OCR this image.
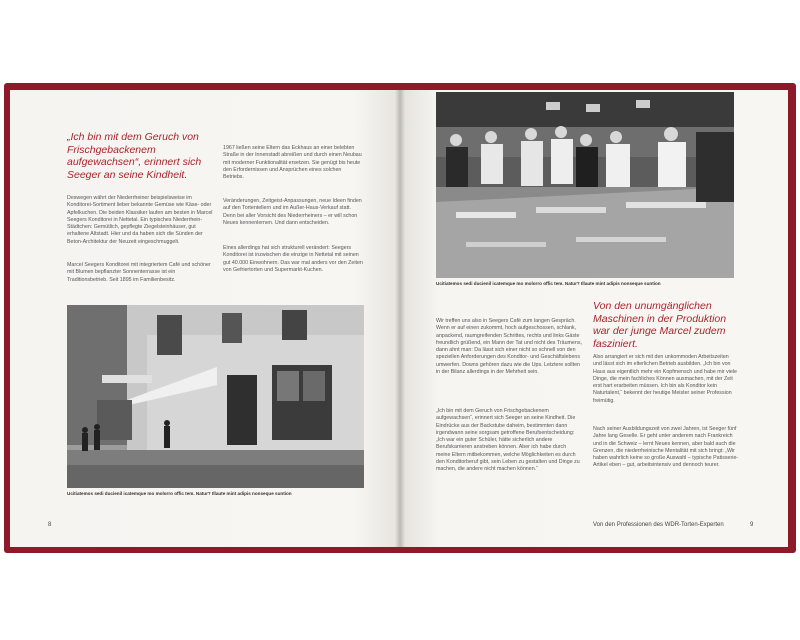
„Ich bin mit dem Geruch von Frischgebackenem aufgewachsen“, erinnert sich Seeger an seine Kindheit.

Deswegen währt der Niederrheiner beispielsweise im Konditorei-Sortiment lieber bekannte Gemüse wie Käse- oder Apfelkuchen. Die beiden Klassiker laufen am besten in Marcel Seegers Konditorei in Nettetal. Ein typisches Niederrhein-Städtchen: Gemütlich, gepflegte Ziegelsteinhäuser, gut erhaltene Altstadt. Hier und da haben sich die Sünden der Beton-Architektur der Neuzeit eingeschmuggelt.

Marcel Seegers Konditorei mit integriertem Café und schöner mit Blumen bepflanzter Sonnenterrasse ist ein Traditionsbetrieb. Seit 1895 im Familienbesitz.

1967 ließen seine Eltern das Eckhaus an einer belebten Straße in der Innenstadt abreißen und durch einen Neubau mit moderner Funktionalität ersetzen. Sie genügt bis heute den Erfordernissen und Ansprüchen eines solchen Betriebs.

Veränderungen, Zeitgeist-Anpassungen, neue Ideen finden auf den Tortentellern und im Außer-Haus-Verkauf statt. Denn bei aller Vorsicht des Niederrheiners – er will schon Neues kennenlernen. Und dann entscheiden.

Eines allerdings hat sich strukturell verändert: Seegers Konditorei ist inzwischen die einzige in Nettetal mit seinen gut 40.000 Einwohnern. Das war mal anders vor den Zeiten von Gefriertorten und Supermarkt-Kuchen.

Ucitiatemos sedi ducienil icatemque mo molorro offic tem. Natur? Illaute mint adipis nonseque suntion
8
Ucitiatemos sedi ducienil icatemque mo molorro offic tem. Natur? Illaute mint adipis nonseque suntion

Wir treffen uns also in Seegers Café zum langen Gespräch. Wenn er auf einen zukommt, hoch aufgeschossen, schlank, anpackend, raumgreifenden Schrittes, rechts und links Gäste freundlich grüßend, ein Mann der Tat und nicht des Träumens, dann ahnt man: Da lässt sich einer nicht so schnell von den speziellen Anforderungen des Konditor- und Geschäftslebens umwerfen. Downs gehören dazu wie die Ups. Letztere sollten in der Bilanz allerdings in der Mehrheit sein.

„Ich bin mit dem Geruch von Frischgebackenem aufgewachsen“, erinnert sich Seeger an seine Kindheit. Die Eindrücke aus der Backstube daheim, bestimmten dann irgendwann seine sorgsam getroffene Berufsentscheidung: „Ich war ein guter Schüler, hätte sicherlich andere Berufskarrieren anstreben können. Aber ich habe durch meine Eltern mitbekommen, welche Möglichkeiten es durch den Konditorberuf gibt, sein Leben zu gestalten und Dinge zu machen, die andere nicht machen können.“

Von den unumgänglichen Maschinen in der Produktion war der junge Marcel zudem fasziniert.

Also arrangiert er sich mit den unkommoden Arbeitszeiten und lässt sich im elterlichen Betrieb ausbilden. „Ich bin von Haus aus eigentlich mehr ein Kopfmensch und habe mir viele Dinge, die mein fachliches Können ausmachen, mit der Zeit erst hart erarbeiten müssen. Ich bin als Konditor kein Naturtalent,“ bekennt der heutige Meister seiner Profession freimütig.

Nach seiner Ausbildungszeit von zwei Jahren, ist Seeger fünf Jahre lang Geselle. Er geht unter anderem nach Frankreich und in die Schweiz – lernt Neues kennen, aber bald auch die Grenzen, die niederrheinische Mentalität mit sich bringt: „Wir haben wahrlich keine so große Auswahl – typische Patisserie-Artikel eben – gut, arbeitsintensiv und dennoch teurer.

Von den Professionen des WDR-Torten-Experten	9
